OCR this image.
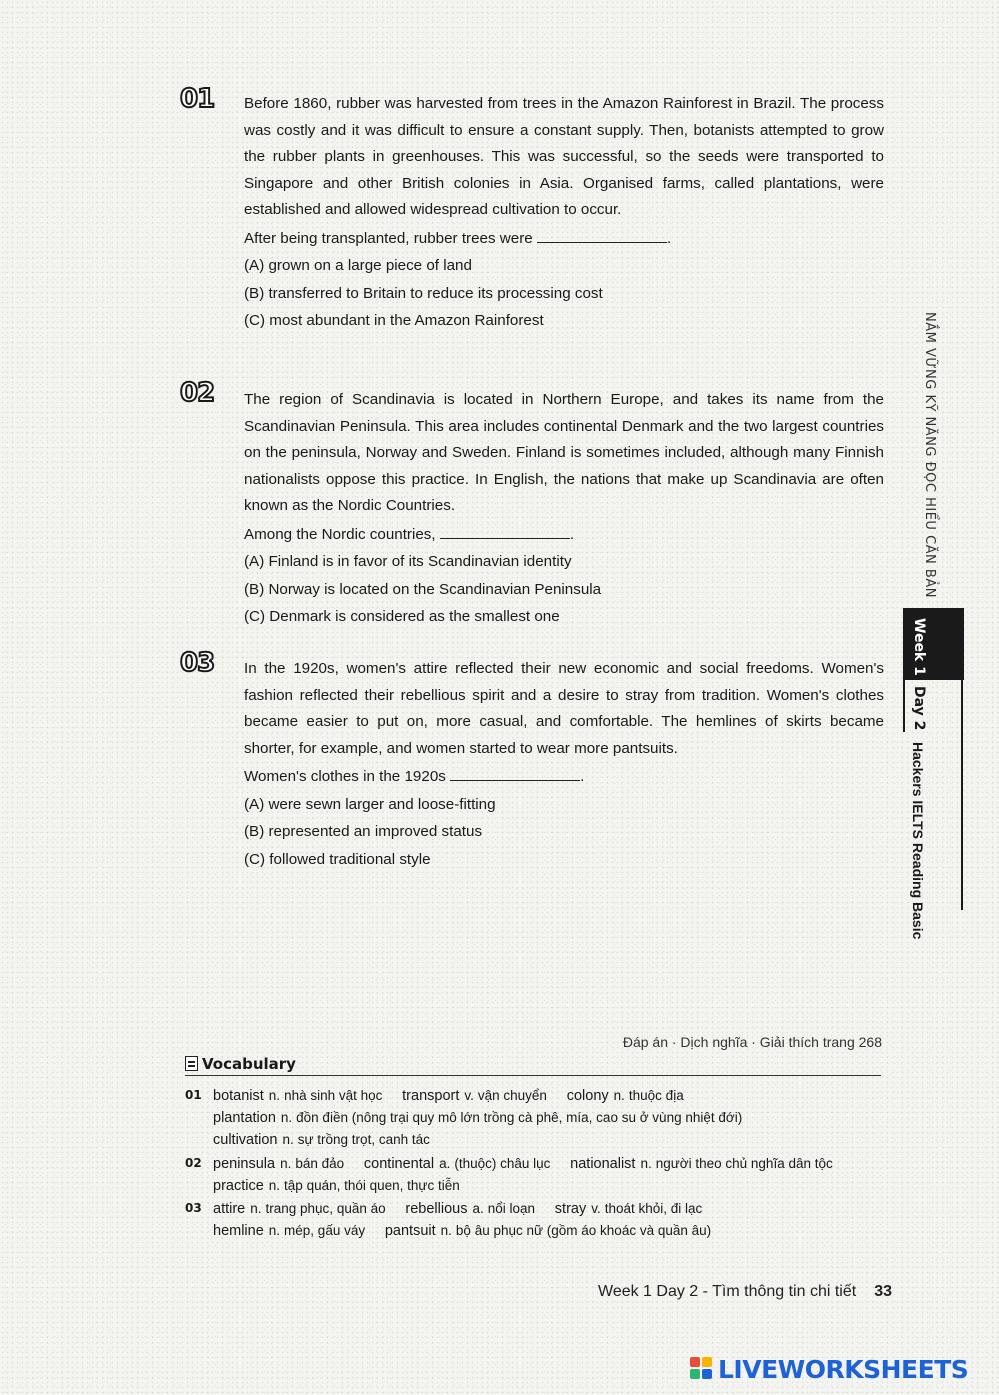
01 Before 1860, rubber was harvested from trees in the Amazon Rainforest in Brazil. The process was costly and it was difficult to ensure a constant supply. Then, botanists attempted to grow the rubber plants in greenhouses. This was successful, so the seeds were transported to Singapore and other British colonies in Asia. Organised farms, called plantations, were established and allowed widespread cultivation to occur.

After being transplanted, rubber trees were	.

(A) grown on a large piece of land

(B) transferred to Britain to reduce its processing cost

(C) most abundant in the Amazon Rainforest

02 The region of Scandinavia is located in Northern Europe, and takes its name from the Scandinavian Peninsula. This area includes continental Denmark and the two largest countries on the peninsula, Norway and Sweden. Finland is sometimes included, although many Finnish nationalists oppose this practice. In English, the nations that make up Scandinavia are often known as the Nordic Countries.

Among the Nordic countries,	.

(A) Finland is in favor of its Scandinavian identity

(B) Norway is located on the Scandinavian Peninsula

(C) Denmark is considered as the smallest one

03 In the 1920s, women's attire reflected their new economic and social freedoms. Women's fashion reflected their rebellious spirit and a desire to stray from tradition. Women's clothes became easier to put on, more casual, and comfortable. The hemlines of skirts became shorter, for example, and women started to wear more pantsuits.

Women's clothes in the 1920s	.

(A) were sewn larger and loose-fitting

(B) represented an improved status

(C) followed traditional style

NẮM VỮNG KỸ NĂNG ĐỌC HIỂU CĂN BẢN
Week 1
Day 2
Hackers IELTS Reading Basic
Đáp án · Dịch nghĩa · Giải thích trang 268
Vocabulary
01 botanist n. nhà sinh vật học transport v. vận chuyển colony n. thuộc địa
plantation n. đồn điền (nông trại quy mô lớn trồng cà phê, mía, cao su ở vùng nhiệt đới)
cultivation n. sự trồng trọt, canh tác
02 peninsula n. bán đảo continental a. (thuộc) châu lục nationalist n. người theo chủ nghĩa dân tộc
practice n. tập quán, thói quen, thực tiễn
03 attire n. trang phục, quần áo rebellious a. nổi loạn stray v. thoát khỏi, đi lạc
hemline n. mép, gấu váy pantsuit n. bộ âu phục nữ (gồm áo khoác và quần âu)
Week 1 Day 2 - Tìm thông tin chi tiết 33
LIVEWORKSHEETS
